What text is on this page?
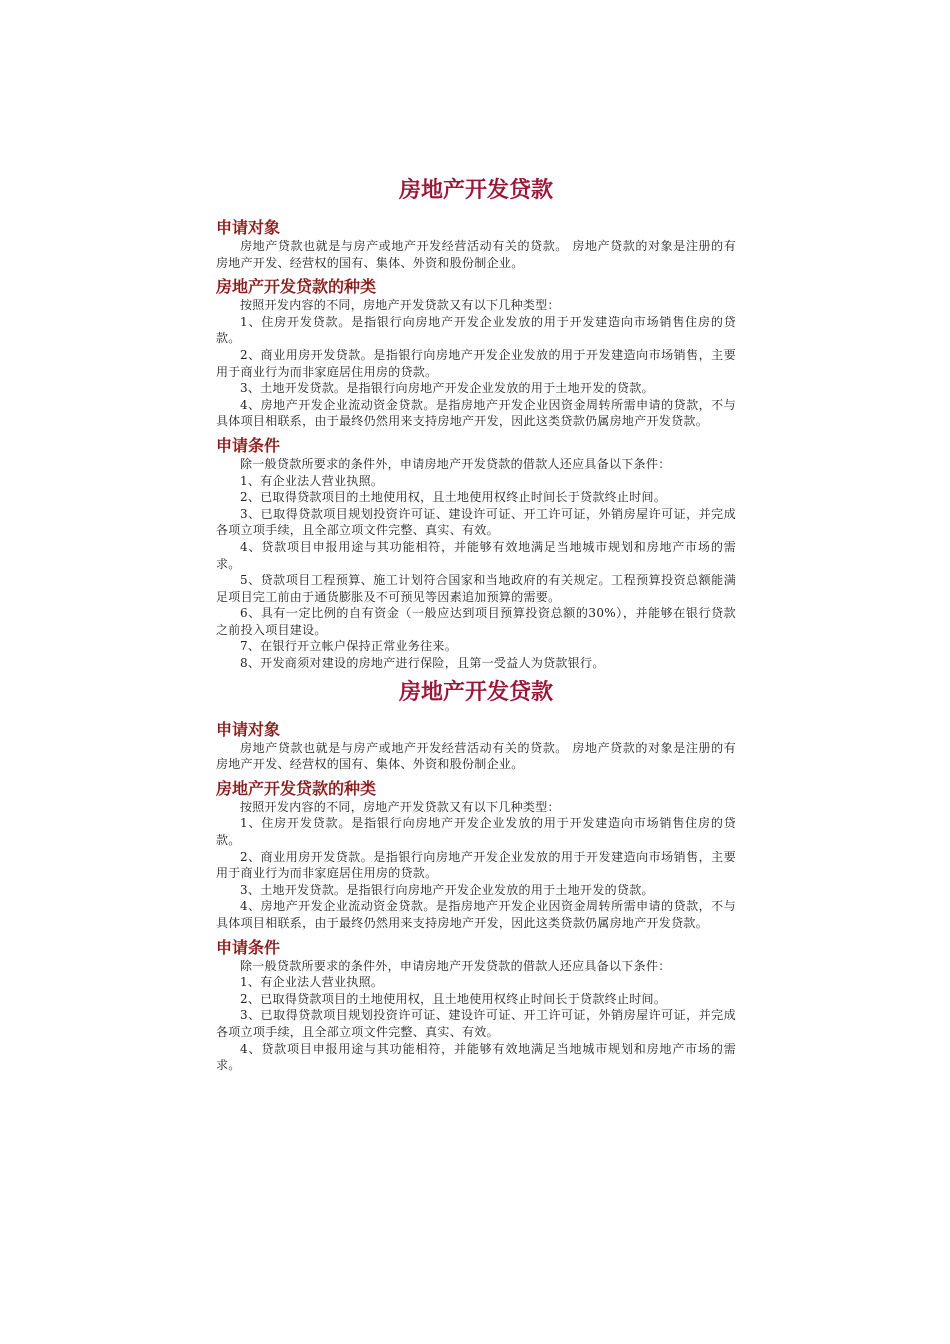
房地产开发贷款
申请对象

房地产贷款也就是与房产或地产开发经营活动有关的贷款。 房地产贷款的对象是注册的有房地产开发、经营权的国有、集体、外资和股份制企业。

房地产开发贷款的种类

按照开发内容的不同，房地产开发贷款又有以下几种类型：

1、住房开发贷款。是指银行向房地产开发企业发放的用于开发建造向市场销售住房的贷款。

2、商业用房开发贷款。是指银行向房地产开发企业发放的用于开发建造向市场销售，主要用于商业行为而非家庭居住用房的贷款。

3、土地开发贷款。是指银行向房地产开发企业发放的用于土地开发的贷款。

4、房地产开发企业流动资金贷款。是指房地产开发企业因资金周转所需申请的贷款，不与具体项目相联系，由于最终仍然用来支持房地产开发，因此这类贷款仍属房地产开发贷款。

申请条件

除一般贷款所要求的条件外，申请房地产开发贷款的借款人还应具备以下条件：

1、有企业法人营业执照。

2、已取得贷款项目的土地使用权，且土地使用权终止时间长于贷款终止时间。

3、已取得贷款项目规划投资许可证、建设许可证、开工许可证，外销房屋许可证，并完成各项立项手续，且全部立项文件完整、真实、有效。

4、贷款项目申报用途与其功能相符，并能够有效地满足当地城市规划和房地产市场的需求。

5、贷款项目工程预算、施工计划符合国家和当地政府的有关规定。工程预算投资总额能满足项目完工前由于通货膨胀及不可预见等因素追加预算的需要。

6、具有一定比例的自有资金（一般应达到项目预算投资总额的30%），并能够在银行贷款之前投入项目建设。

7、在银行开立帐户保持正常业务往来。

8、开发商须对建设的房地产进行保险，且第一受益人为贷款银行。

房地产开发贷款
申请对象

房地产贷款也就是与房产或地产开发经营活动有关的贷款。 房地产贷款的对象是注册的有房地产开发、经营权的国有、集体、外资和股份制企业。

房地产开发贷款的种类

按照开发内容的不同，房地产开发贷款又有以下几种类型：

1、住房开发贷款。是指银行向房地产开发企业发放的用于开发建造向市场销售住房的贷款。

2、商业用房开发贷款。是指银行向房地产开发企业发放的用于开发建造向市场销售，主要用于商业行为而非家庭居住用房的贷款。

3、土地开发贷款。是指银行向房地产开发企业发放的用于土地开发的贷款。

4、房地产开发企业流动资金贷款。是指房地产开发企业因资金周转所需申请的贷款，不与具体项目相联系，由于最终仍然用来支持房地产开发，因此这类贷款仍属房地产开发贷款。

申请条件

除一般贷款所要求的条件外，申请房地产开发贷款的借款人还应具备以下条件：

1、有企业法人营业执照。

2、已取得贷款项目的土地使用权，且土地使用权终止时间长于贷款终止时间。

3、已取得贷款项目规划投资许可证、建设许可证、开工许可证，外销房屋许可证，并完成各项立项手续，且全部立项文件完整、真实、有效。

4、贷款项目申报用途与其功能相符，并能够有效地满足当地城市规划和房地产市场的需求。
